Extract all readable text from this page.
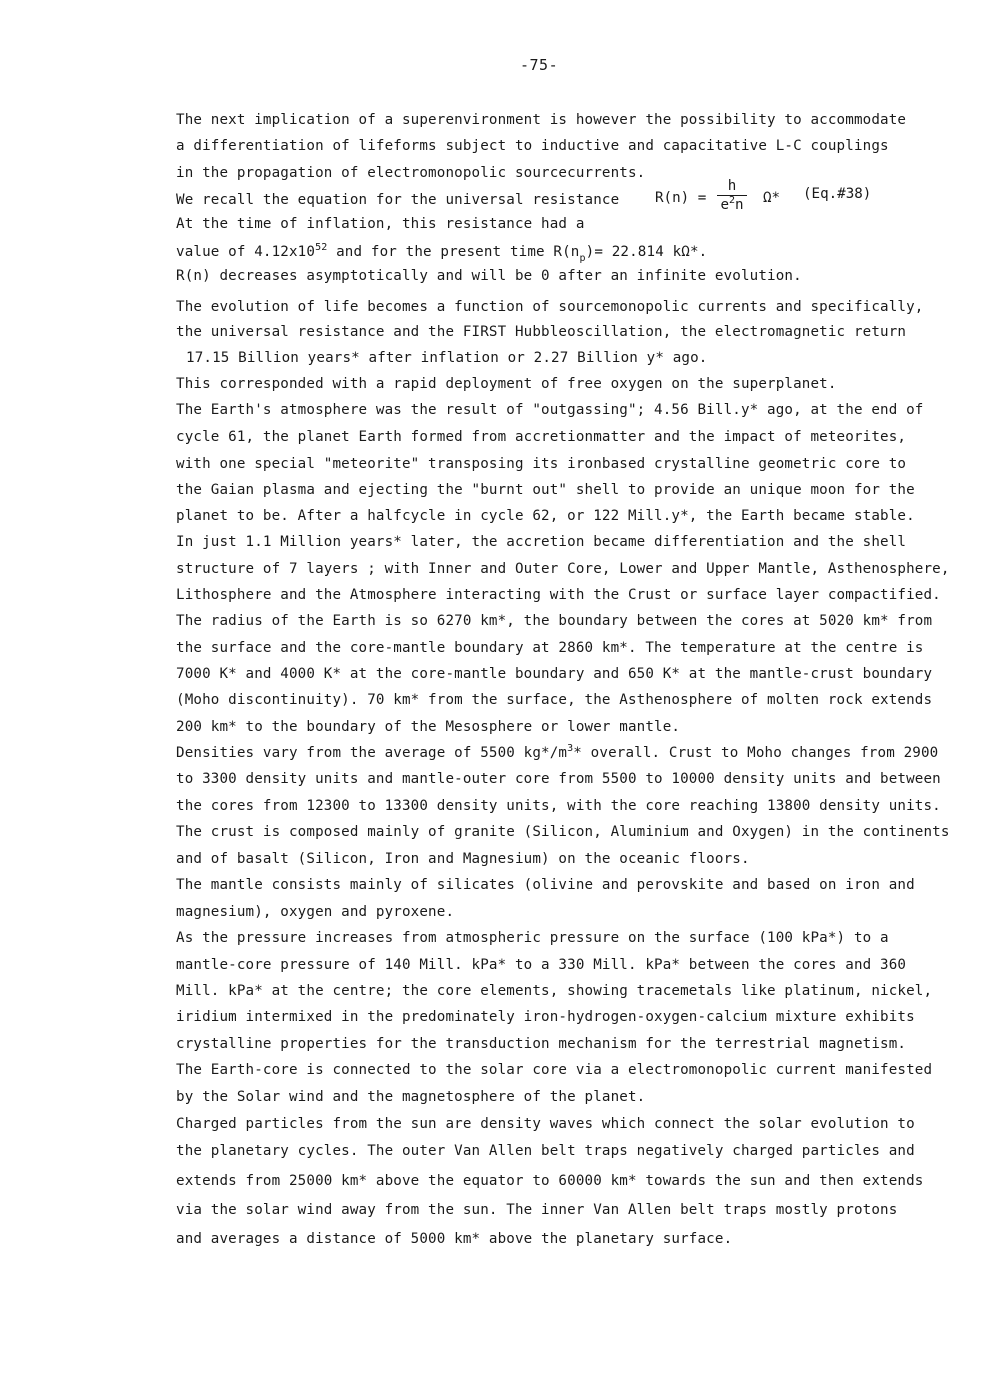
-75-
The next implication of a superenvironment is however the possibility to accommodate
a differentiation of lifeforms subject to inductive and capacitative L-C couplings
in the propagation of electromonopolic sourcecurrents.
We recall the equation for the universal resistance	R(n) =
h
$e^2n$	Ω* (Eq.#38)
At the time of inflation, this resistance had a
value of $4.12x10^{52}$ and for the present time $R(n_p)= 22.814$ kΩ*.
R(n) decreases asymptotically and will be 0 after an infinite evolution.
The evolution of life becomes a function of sourcemonopolic currents and specifically,
the universal resistance and the FIRST Hubbleoscillation, the electromagnetic return
17.15 Billion years* after inflation or 2.27 Billion y* ago.
This corresponded with a rapid deployment of free oxygen on the superplanet.
The Earth's atmosphere was the result of "outgassing"; 4.56 Bill.y* ago, at the end of
cycle 61, the planet Earth formed from accretionmatter and the impact of meteorites,
with one special "meteorite" transposing its ironbased crystalline geometric core to
the Gaian plasma and ejecting the "burnt out" shell to provide an unique moon for the
planet to be. After a halfcycle in cycle 62, or 122 Mill.y*, the Earth became stable.
In just 1.1 Million years* later, the accretion became differentiation and the shell
structure of 7 layers ; with Inner and Outer Core, Lower and Upper Mantle, Asthenosphere,
Lithosphere and the Atmosphere interacting with the Crust or surface layer compactified.
The radius of the Earth is so 6270 km*, the boundary between the cores at 5020 km* from
the surface and the core-mantle boundary at 2860 km*. The temperature at the centre is
7000 K* and 4000 K* at the core-mantle boundary and 650 K* at the mantle-crust boundary
(Moho discontinuity). 70 km* from the surface, the Asthenosphere of molten rock extends
200 km* to the boundary of the Mesosphere or lower mantle.
Densities vary from the average of 5500 $kg*/m^3*$ overall. Crust to Moho changes from 2900
to 3300 density units and mantle-outer core from 5500 to 10000 density units and between
the cores from 12300 to 13300 density units, with the core reaching 13800 density units.
The crust is composed mainly of granite (Silicon, Aluminium and Oxygen) in the continents
and of basalt (Silicon, Iron and Magnesium) on the oceanic floors.
The mantle consists mainly of silicates (olivine and perovskite and based on iron and
magnesium), oxygen and pyroxene.
As the pressure increases from atmospheric pressure on the surface (100 kPa*) to a
mantle-core pressure of 140 Mill. kPa* to a 330 Mill. kPa* between the cores and 360
Mill. kPa* at the centre; the core elements, showing tracemetals like platinum, nickel,
iridium intermixed in the predominately iron-hydrogen-oxygen-calcium mixture exhibits
crystalline properties for the transduction mechanism for the terrestrial magnetism.
The Earth-core is connected to the solar core via a electromonopolic current manifested
by the Solar wind and the magnetosphere of the planet.
Charged particles from the sun are density waves which connect the solar evolution to
the planetary cycles. The outer Van Allen belt traps negatively charged particles and
extends from 25000 km* above the equator to 60000 km* towards the sun and then extends
via the solar wind away from the sun. The inner Van Allen belt traps mostly protons
and averages a distance of 5000 km* above the planetary surface.
